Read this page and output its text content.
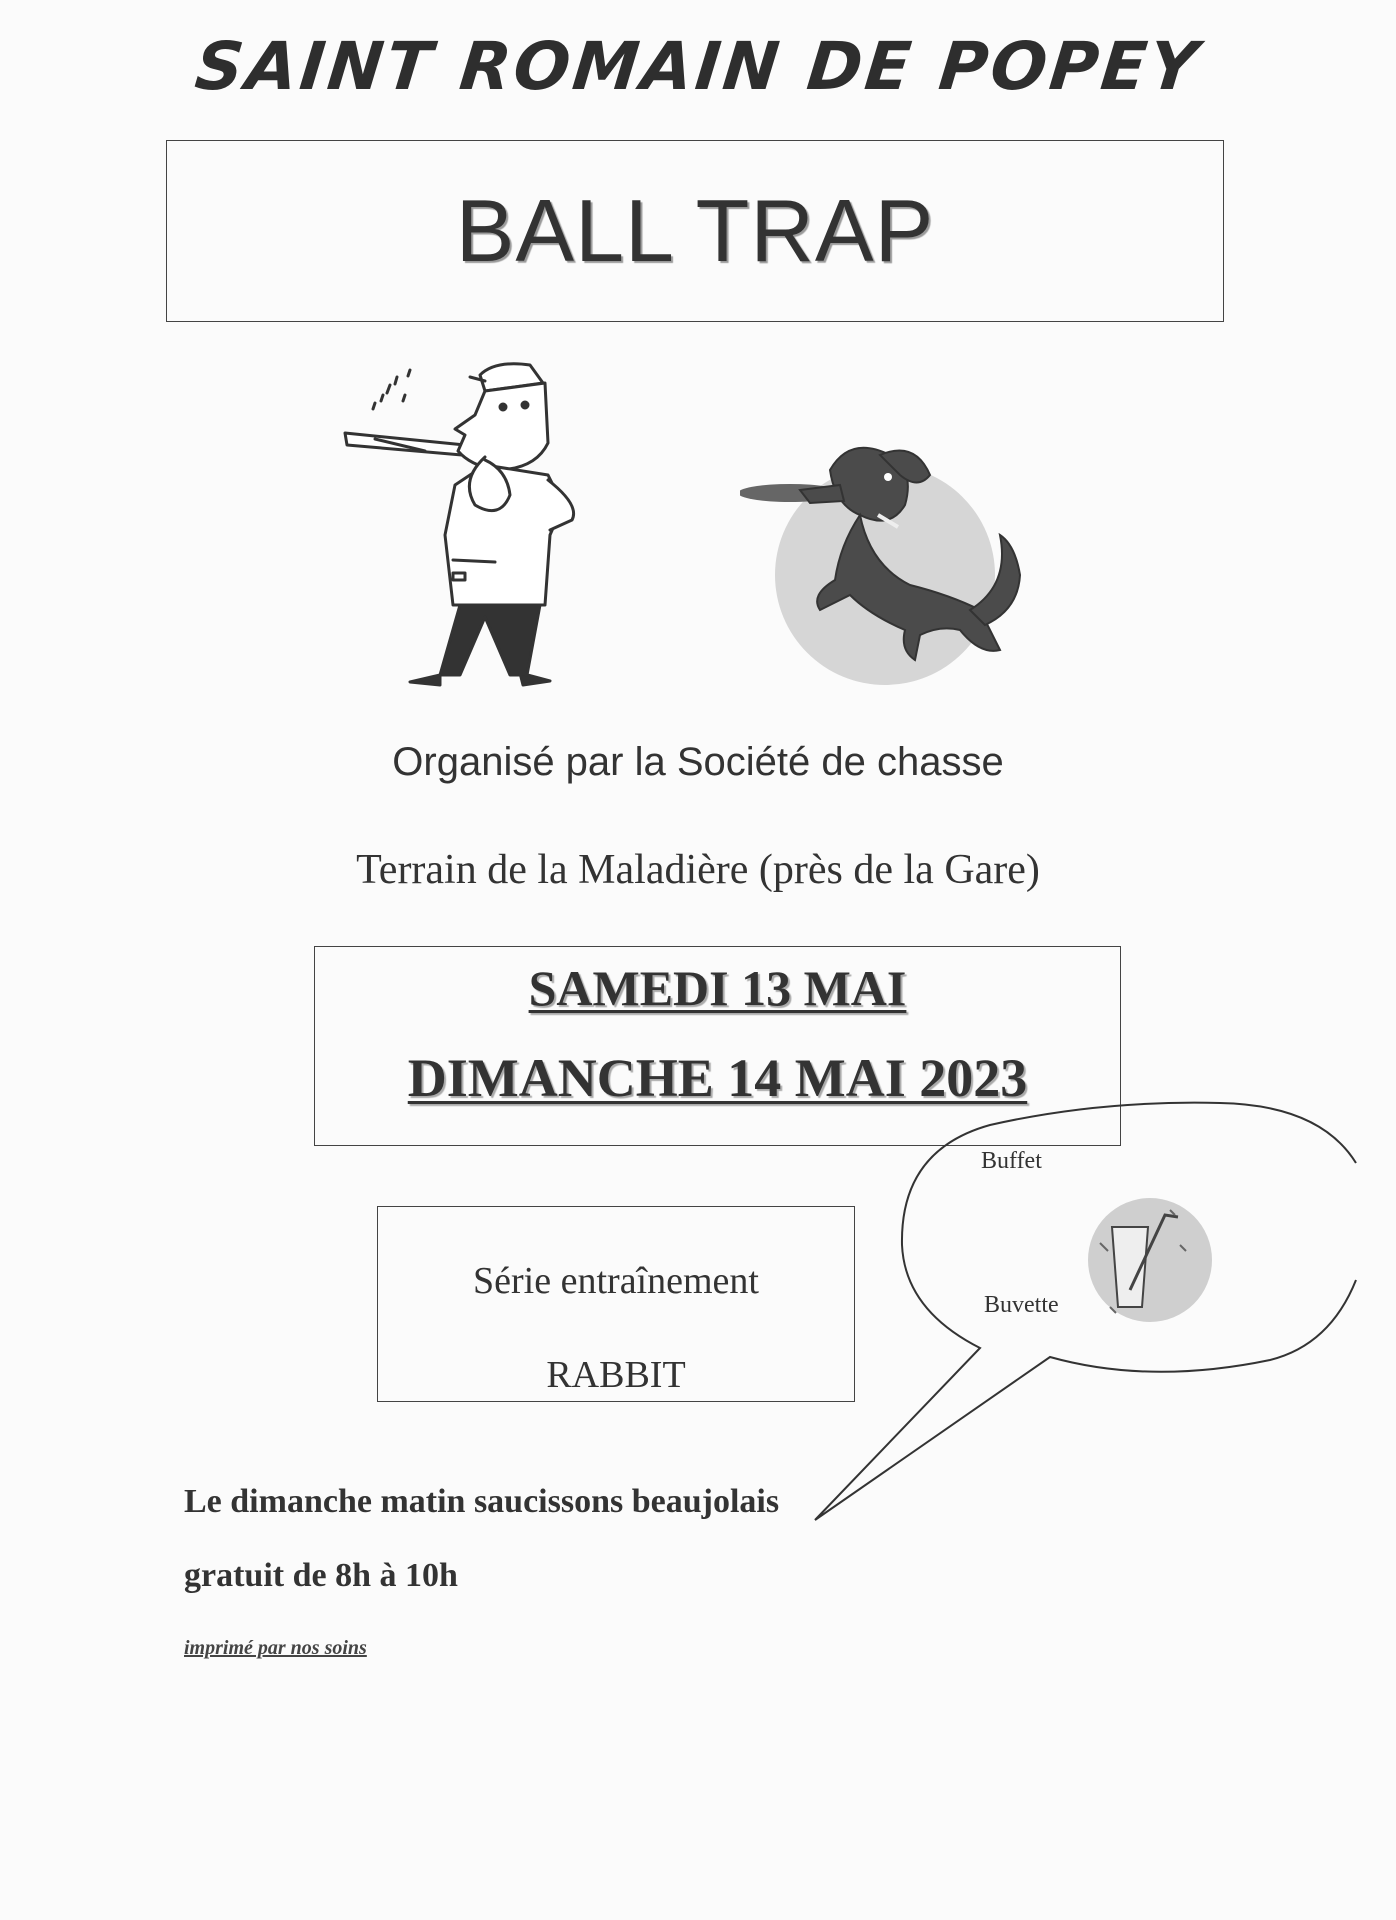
SAINT ROMAIN DE POPEY
BALL TRAP
Organisé par la Société de chasse
Terrain de la Maladière (près de la Gare)
SAMEDI 13 MAI
DIMANCHE 14 MAI 2023
Série entraînement
RABBIT
Buffet
Buvette
Le dimanche matin saucissons beaujolais
gratuit de 8h à 10h
imprimé par nos soins
